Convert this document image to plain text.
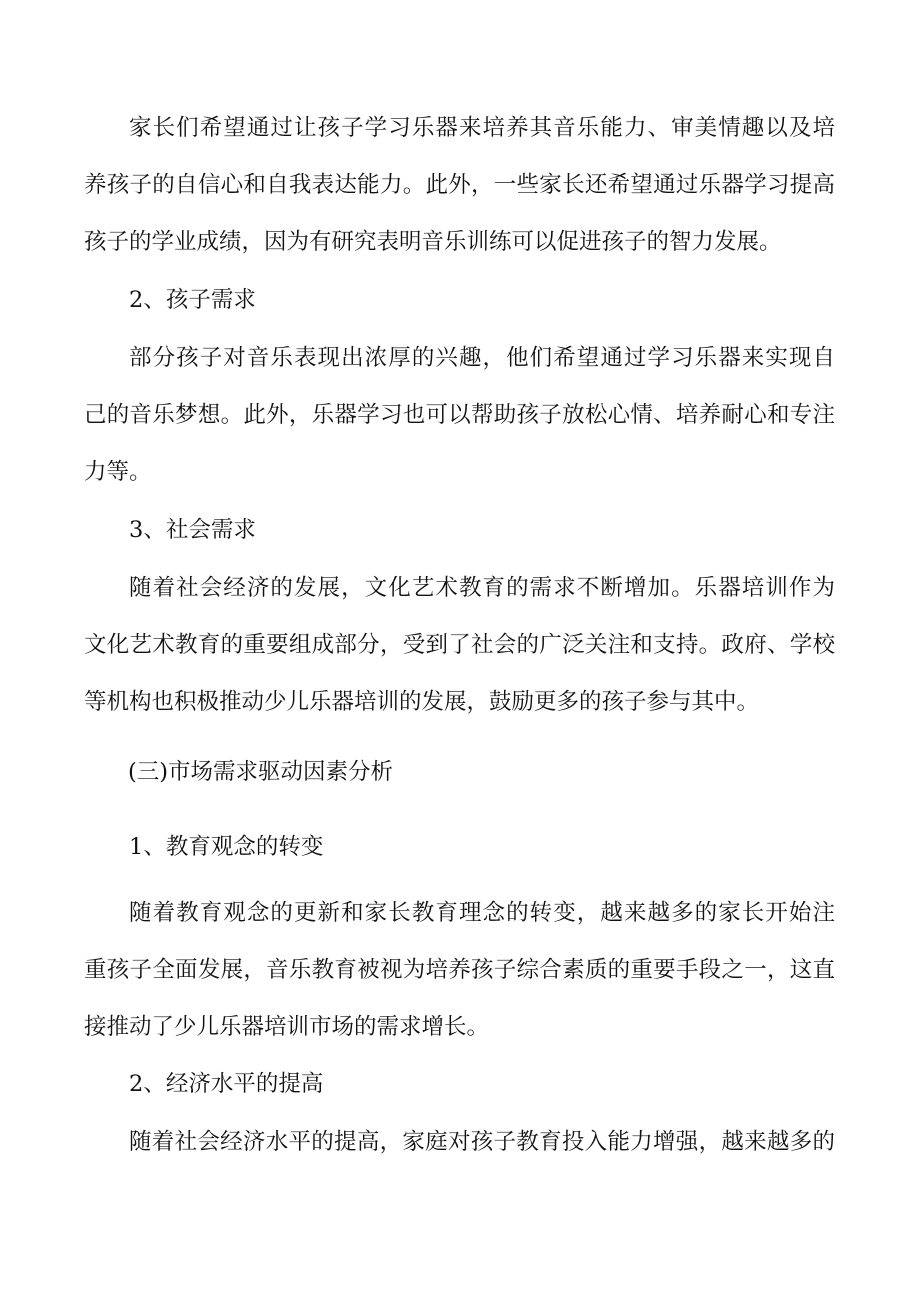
家长们希望通过让孩子学习乐器来培养其音乐能力、审美情趣以及培
养孩子的自信心和自我表达能力。此外，一些家长还希望通过乐器学习提高
孩子的学业成绩，因为有研究表明音乐训练可以促进孩子的智力发展。
2、孩子需求
部分孩子对音乐表现出浓厚的兴趣，他们希望通过学习乐器来实现自
己的音乐梦想。此外，乐器学习也可以帮助孩子放松心情、培养耐心和专注
力等。
3、社会需求
随着社会经济的发展，文化艺术教育的需求不断增加。乐器培训作为
文化艺术教育的重要组成部分，受到了社会的广泛关注和支持。政府、学校
等机构也积极推动少儿乐器培训的发展，鼓励更多的孩子参与其中。
(三)市场需求驱动因素分析
1、教育观念的转变
随着教育观念的更新和家长教育理念的转变，越来越多的家长开始注
重孩子全面发展，音乐教育被视为培养孩子综合素质的重要手段之一，这直
接推动了少儿乐器培训市场的需求增长。
2、经济水平的提高
随着社会经济水平的提高，家庭对孩子教育投入能力增强，越来越多的
